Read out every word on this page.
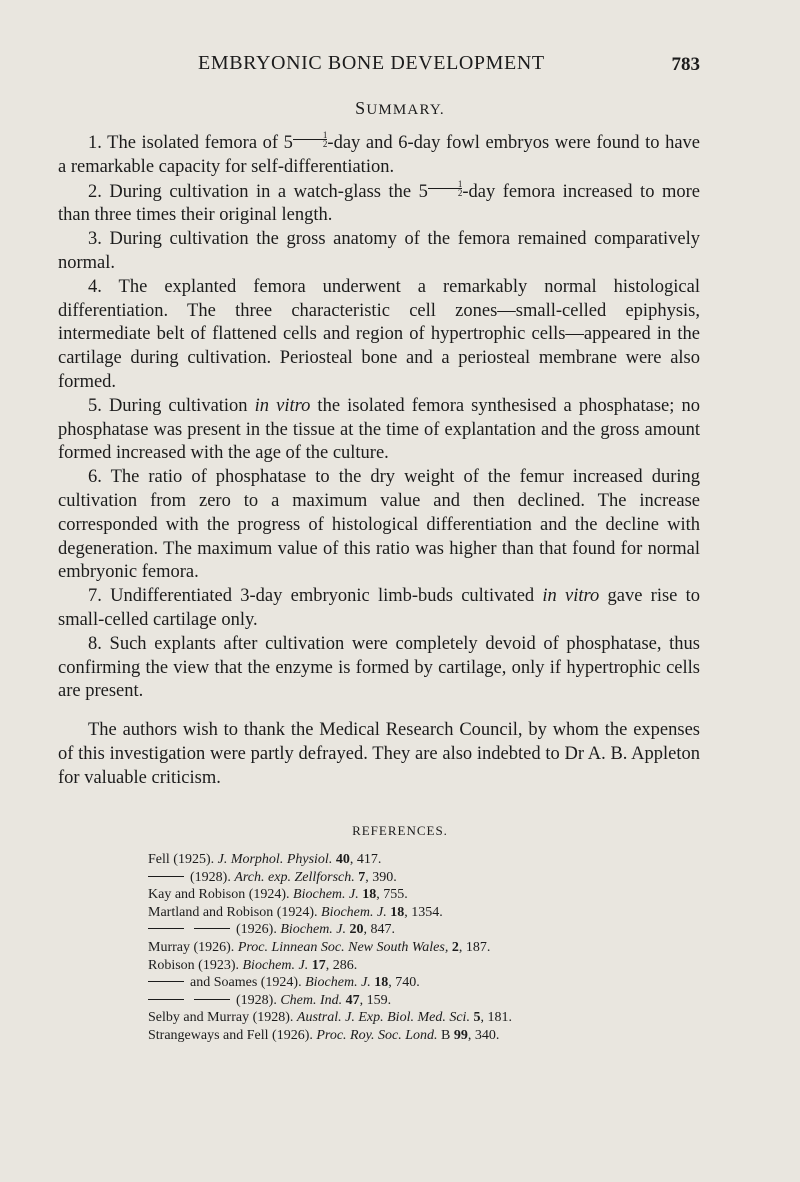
EMBRYONIC BONE DEVELOPMENT	783
SUMMARY.

1. The isolated femora of $5 \frac{1}{2} -day$ and 6-day fowl embryos were found to have a remarkable capacity for self-differentiation.

2. During cultivation in a watch-glass the $5 \frac{1}{2} -day$ femora increased to more than three times their original length.

3. During cultivation the gross anatomy of the femora remained comparatively normal.

4. The explanted femora underwent a remarkably normal histological differentiation. The three characteristic cell zones—small-celled epiphysis, intermediate belt of flattened cells and region of hypertrophic cells—appeared in the cartilage during cultivation. Periosteal bone and a periosteal membrane were also formed.

5. During cultivation in vitro the isolated femora synthesised a phosphatase; no phosphatase was present in the tissue at the time of explantation and the gross amount formed increased with the age of the culture.

6. The ratio of phosphatase to the dry weight of the femur increased during cultivation from zero to a maximum value and then declined. The increase corresponded with the progress of histological differentiation and the decline with degeneration. The maximum value of this ratio was higher than that found for normal embryonic femora.

7. Undifferentiated 3-day embryonic limb-buds cultivated in vitro gave rise to small-celled cartilage only.

8. Such explants after cultivation were completely devoid of phosphatase, thus confirming the view that the enzyme is formed by cartilage, only if hypertrophic cells are present.

The authors wish to thank the Medical Research Council, by whom the expenses of this investigation were partly defrayed. They are also indebted to Dr A. B. Appleton for valuable criticism.

REFERENCES.
Fell (1925). J. Morphol. Physiol. 40, 417.
(1928). Arch. exp. Zellforsch. 7, 390.
Kay and Robison (1924). Biochem. J. 18, 755.
Martland and Robison (1924). Biochem. J. 18, 1354.
(1926). Biochem. J. 20, 847.
Murray (1926). Proc. Linnean Soc. New South Wales, 2, 187.
Robison (1923). Biochem. J. 17, 286.
and Soames (1924). Biochem. J. 18, 740.
(1928). Chem. Ind. 47, 159.
Selby and Murray (1928). Austral. J. Exp. Biol. Med. Sci. 5, 181.
Strangeways and Fell (1926). Proc. Roy. Soc. Lond. B 99, 340.
